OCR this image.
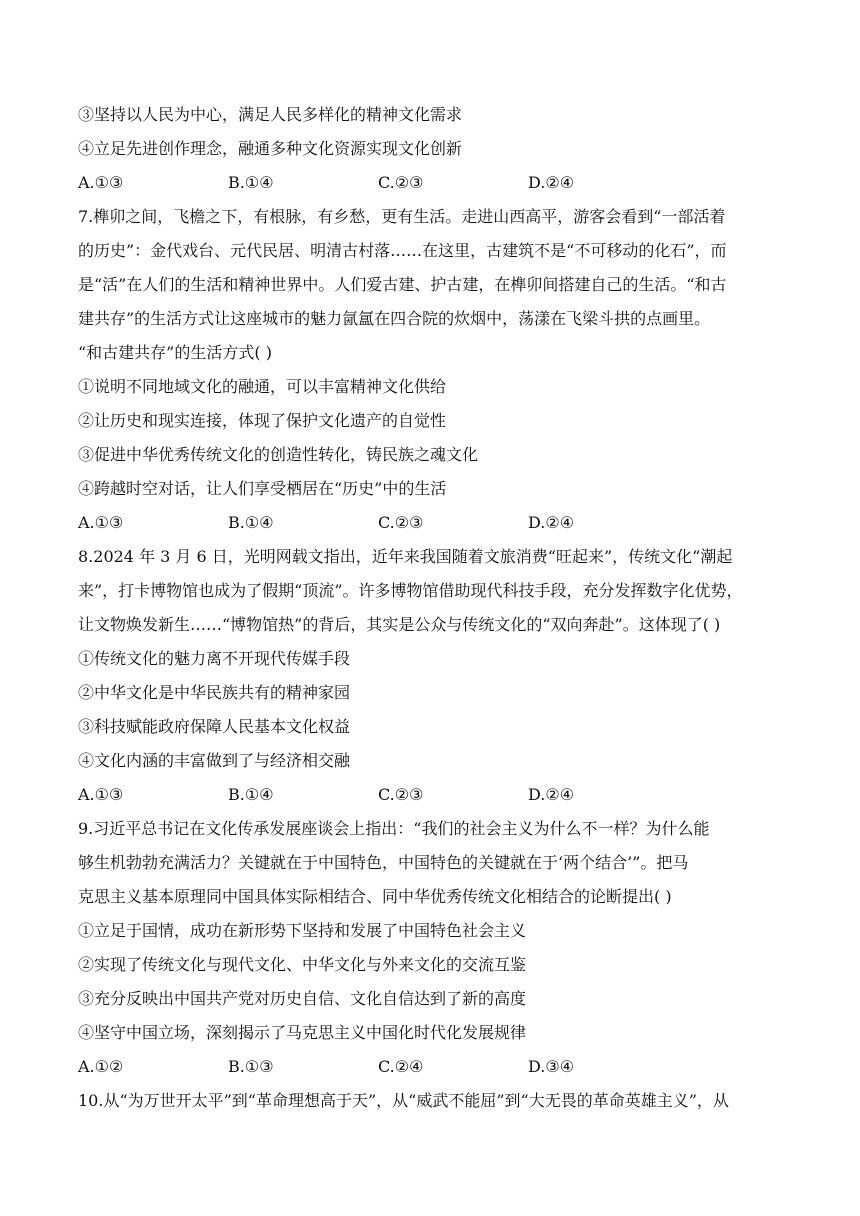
③坚持以人民为中心，满足人民多样化的精神文化需求
④立足先进创作理念，融通多种文化资源实现文化创新
A.①③	B.①④	C.②③	D.②④
7.榫卯之间，飞檐之下，有根脉，有乡愁，更有生活。走进山西高平，游客会看到“一部活着
的历史”：金代戏台、元代民居、明清古村落……在这里，古建筑不是“不可移动的化石”，而
是“活”在人们的生活和精神世界中。人们爱古建、护古建，在榫卯间搭建自己的生活。“和古
建共存”的生活方式让这座城市的魅力氤氲在四合院的炊烟中，荡漾在飞梁斗拱的点画里。
“和古建共存”的生活方式( )
①说明不同地域文化的融通，可以丰富精神文化供给
②让历史和现实连接，体现了保护文化遗产的自觉性
③促进中华优秀传统文化的创造性转化，铸民族之魂文化
④跨越时空对话，让人们享受栖居在“历史”中的生活
A.①③	B.①④	C.②③	D.②④
8.2024 年 3 月 6 日，光明网载文指出，近年来我国随着文旅消费“旺起来”，传统文化“潮起
来”，打卡博物馆也成为了假期“顶流”。许多博物馆借助现代科技手段，充分发挥数字化优势，
让文物焕发新生……“博物馆热”的背后，其实是公众与传统文化的“双向奔赴”。这体现了( )
①传统文化的魅力离不开现代传媒手段
②中华文化是中华民族共有的精神家园
③科技赋能政府保障人民基本文化权益
④文化内涵的丰富做到了与经济相交融
A.①③	B.①④	C.②③	D.②④
9.习近平总书记在文化传承发展座谈会上指出：“我们的社会主义为什么不一样？为什么能
够生机勃勃充满活力？关键就在于中国特色，中国特色的关键就在于‘两个结合’”。把马
克思主义基本原理同中国具体实际相结合、同中华优秀传统文化相结合的论断提出( )
①立足于国情，成功在新形势下坚持和发展了中国特色社会主义
②实现了传统文化与现代文化、中华文化与外来文化的交流互鉴
③充分反映出中国共产党对历史自信、文化自信达到了新的高度
④坚守中国立场，深刻揭示了马克思主义中国化时代化发展规律
A.①②	B.①③	C.②④	D.③④
10.从“为万世开太平”到“革命理想高于天”，从“威武不能屈”到“大无畏的革命英雄主义”，从
